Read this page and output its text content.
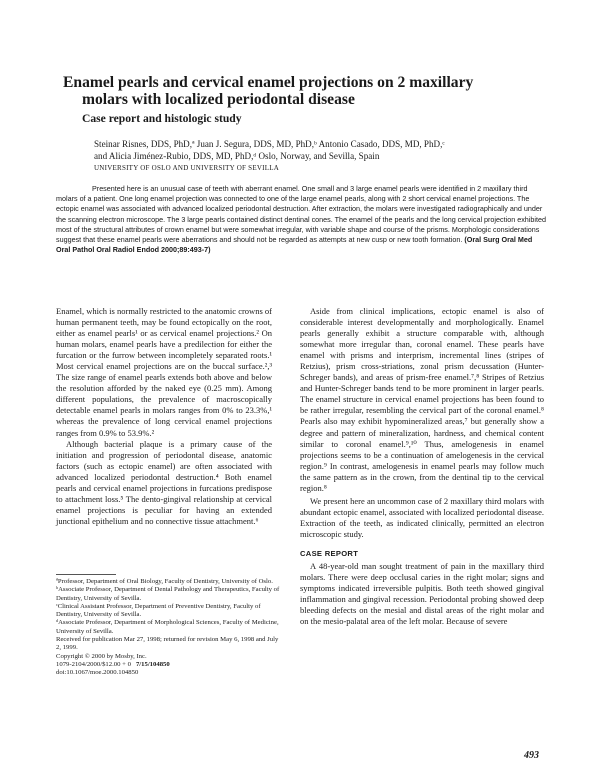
Enamel pearls and cervical enamel projections on 2 maxillary
molars with localized periodontal disease
Case report and histologic study
Steinar Risnes, DDS, PhD,ª Juan J. Segura, DDS, MD, PhD,ᵇ Antonio Casado, DDS, MD, PhD,ᶜ
and Alicia Jiménez-Rubio, DDS, MD, PhD,ᵈ Oslo, Norway, and Sevilla, Spain
UNIVERSITY OF OSLO AND UNIVERSITY OF SEVILLA

Presented here is an unusual case of teeth with aberrant enamel. One small and 3 large enamel pearls were identified in 2 maxillary third molars of a patient. One long enamel projection was connected to one of the large enamel pearls, along with 2 short cervical enamel projections. The ectopic enamel was associated with advanced localized periodontal destruction. After extraction, the molars were investigated radiographically and under the scanning electron microscope. The 3 large pearls contained distinct dentinal cones. The enamel of the pearls and the long cervical projection exhibited most of the structural attributes of crown enamel but were somewhat irregular, with variable shape and course of the prisms. Morphologic considerations suggest that these enamel pearls were aberrations and should not be regarded as attempts at new cusp or new tooth formation. (Oral Surg Oral Med Oral Pathol Oral Radiol Endod 2000;89:493-7)

Enamel, which is normally restricted to the anatomic crowns of human permanent teeth, may be found ectopically on the root, either as enamel pearls¹ or as cervical enamel projections.² On human molars, enamel pearls have a predilection for either the furcation or the furrow between incompletely separated roots.¹ Most cervical enamel projections are on the buccal surface.²,³ The size range of enamel pearls extends both above and below the resolution afforded by the naked eye (0.25 mm). Among different populations, the prevalence of macroscopically detectable enamel pearls in molars ranges from 0% to 23.3%,¹ whereas the prevalence of long cervical enamel projections ranges from 0.9% to 53.9%.²

Although bacterial plaque is a primary cause of the initiation and progression of periodontal disease, anatomic factors (such as ectopic enamel) are often associated with advanced localized periodontal destruction.⁴ Both enamel pearls and cervical enamel projections in furcations predispose to attachment loss.⁵ The dento-gingival relationship at cervical enamel projections is peculiar for having an extended junctional epithelium and no connective tissue attachment.⁶

ªProfessor, Department of Oral Biology, Faculty of Dentistry, University of Oslo.

ᵇAssociate Professor, Department of Dental Pathology and Therapeutics, Faculty of Dentistry, University of Sevilla.

ᶜClinical Assistant Professor, Department of Preventive Dentistry, Faculty of Dentistry, University of Sevilla.

ᵈAssociate Professor, Department of Morphological Sciences, Faculty of Medicine, University of Sevilla.

Received for publication Mar 27, 1998; returned for revision May 6, 1998 and July 2, 1999.

Copyright © 2000 by Mosby, Inc.

1079-2104/2000/$12.00 + 0 7/15/104850

doi:10.1067/moe.2000.104850

Aside from clinical implications, ectopic enamel is also of considerable interest developmentally and morphologically. Enamel pearls generally exhibit a structure comparable with, although somewhat more irregular than, coronal enamel. These pearls have enamel with prisms and interprism, incremental lines (stripes of Retzius), prism cross-striations, zonal prism decussation (Hunter-Schreger bands), and areas of prism-free enamel.⁷,⁸ Stripes of Retzius and Hunter-Schreger bands tend to be more prominent in larger pearls. The enamel structure in cervical enamel projections has been found to be rather irregular, resembling the cervical part of the coronal enamel.⁸ Pearls also may exhibit hypomineralized areas,⁷ but generally show a degree and pattern of mineralization, hardness, and chemical content similar to coronal enamel.⁹,¹⁰ Thus, amelogenesis in enamel projections seems to be a continuation of amelogenesis in the cervical region.⁹ In contrast, amelogenesis in enamel pearls may follow much the same pattern as in the crown, from the dentinal tip to the cervical region.⁸

We present here an uncommon case of 2 maxillary third molars with abundant ectopic enamel, associated with localized periodontal disease. Extraction of the teeth, as indicated clinically, permitted an electron microscopic study.

CASE REPORT

A 48-year-old man sought treatment of pain in the maxillary third molars. There were deep occlusal caries in the right molar; signs and symptoms indicated irreversible pulpitis. Both teeth showed gingival inflammation and gingival recession. Periodontal probing showed deep bleeding defects on the mesial and distal areas of the right molar and on the mesio-palatal area of the left molar. Because of severe

493
